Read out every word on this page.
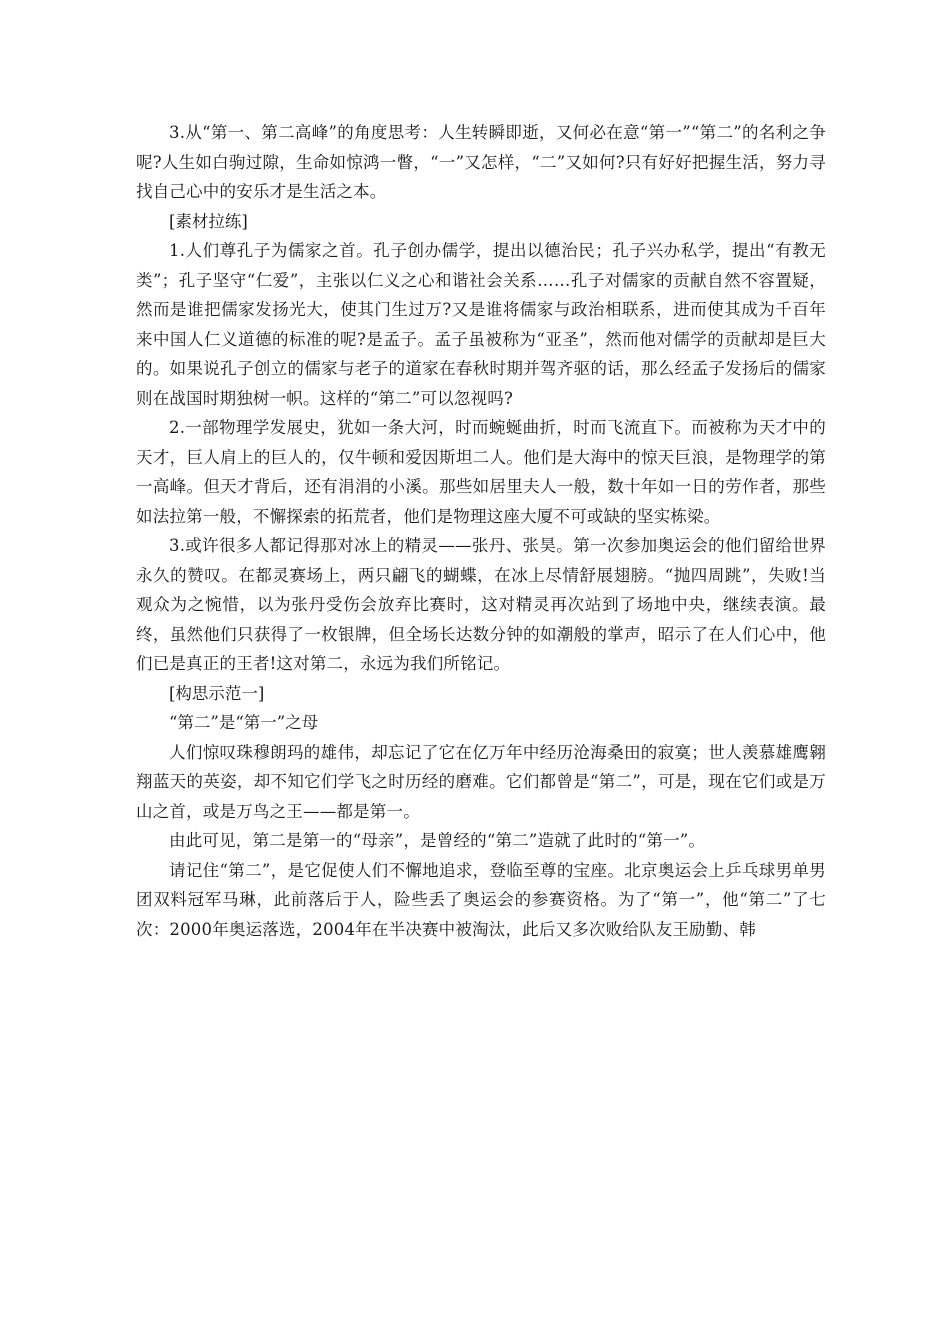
3.从“第一、第二高峰”的角度思考：人生转瞬即逝，又何必在意“第一”“第二”的名利之争呢?人生如白驹过隙，生命如惊鸿一瞥，“一”又怎样，“二”又如何?只有好好把握生活，努力寻找自己心中的安乐才是生活之本。

[素材拉练]

1.人们尊孔子为儒家之首。孔子创办儒学，提出以德治民；孔子兴办私学，提出“有教无类”；孔子坚守“仁爱”，主张以仁义之心和谐社会关系……孔子对儒家的贡献自然不容置疑，然而是谁把儒家发扬光大，使其门生过万?又是谁将儒家与政治相联系，进而使其成为千百年来中国人仁义道德的标准的呢?是孟子。孟子虽被称为“亚圣”，然而他对儒学的贡献却是巨大的。如果说孔子创立的儒家与老子的道家在春秋时期并驾齐驱的话，那么经孟子发扬后的儒家则在战国时期独树一帜。这样的“第二”可以忽视吗?

2.一部物理学发展史，犹如一条大河，时而蜿蜒曲折，时而飞流直下。而被称为天才中的天才，巨人肩上的巨人的，仅牛顿和爱因斯坦二人。他们是大海中的惊天巨浪，是物理学的第一高峰。但天才背后，还有涓涓的小溪。那些如居里夫人一般，数十年如一日的劳作者，那些如法拉第一般，不懈探索的拓荒者，他们是物理这座大厦不可或缺的坚实栋梁。

3.或许很多人都记得那对冰上的精灵——张丹、张昊。第一次参加奥运会的他们留给世界永久的赞叹。在都灵赛场上，两只翩飞的蝴蝶，在冰上尽情舒展翅膀。“抛四周跳”，失败!当观众为之惋惜，以为张丹受伤会放弃比赛时，这对精灵再次站到了场地中央，继续表演。最终，虽然他们只获得了一枚银牌，但全场长达数分钟的如潮般的掌声，昭示了在人们心中，他们已是真正的王者!这对第二，永远为我们所铭记。

[构思示范一]

“第二”是“第一”之母

人们惊叹珠穆朗玛的雄伟，却忘记了它在亿万年中经历沧海桑田的寂寞；世人羡慕雄鹰翱翔蓝天的英姿，却不知它们学飞之时历经的磨难。它们都曾是“第二”，可是，现在它们或是万山之首，或是万鸟之王——都是第一。

由此可见，第二是第一的“母亲”，是曾经的“第二”造就了此时的“第一”。

请记住“第二”，是它促使人们不懈地追求，登临至尊的宝座。北京奥运会上乒乓球男单男团双料冠军马琳，此前落后于人，险些丢了奥运会的参赛资格。为了“第一”，他“第二”了七次：2000年奥运落选，2004年在半决赛中被淘汰，此后又多次败给队友王励勤、韩
